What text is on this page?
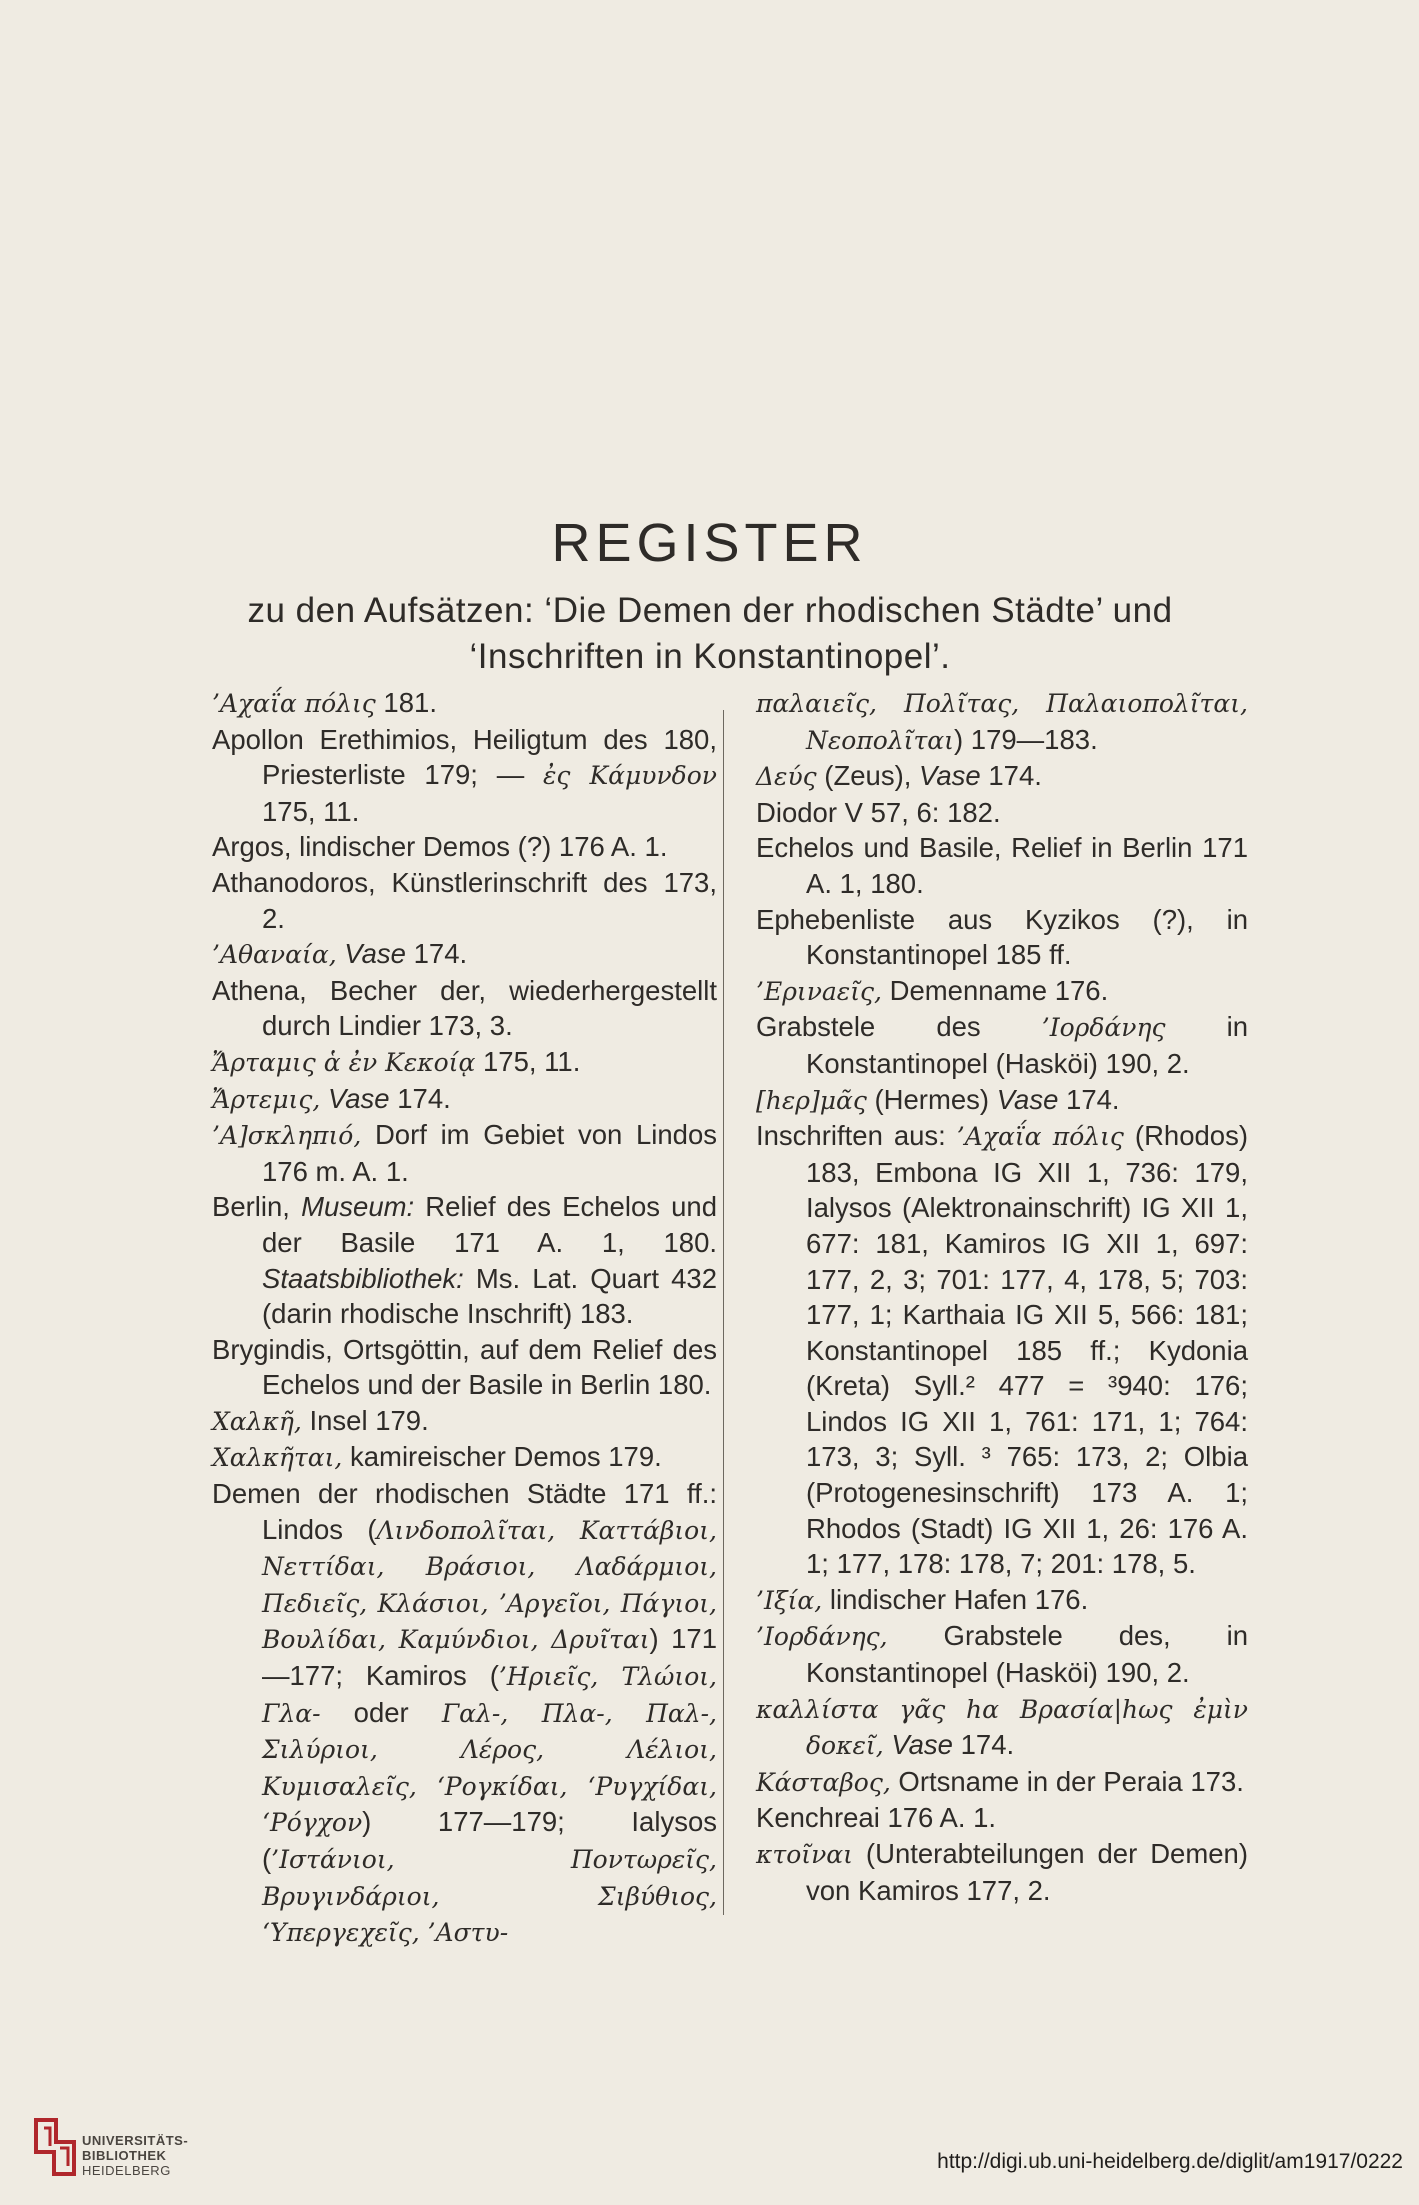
REGISTER
zu den Aufsätzen: ‘Die Demen der rhodischen Städte’ und ‘Inschriften in Konstantinopel’.
’Αχαΐα πόλις 181.
Apollon Erethimios, Heiligtum des 180, Priesterliste 179; — ἐς Κάμυνδον 175, 11.
Argos, lindischer Demos (?) 176 A. 1.
Athanodoros, Künstlerinschrift des 173, 2.
’Αθαναία, Vase 174.
Athena, Becher der, wiederhergestellt durch Lindier 173, 3.
Ἄρταμις ἁ ἐν Κεκοίᾳ 175, 11.
Ἄρτεμις, Vase 174.
’Α]σκληπιό, Dorf im Gebiet von Lindos 176 m. A. 1.
Berlin, Museum: Relief des Echelos und der Basile 171 A. 1, 180. Staatsbibliothek: Ms. Lat. Quart 432 (darin rhodische Inschrift) 183.
Brygindis, Ortsgöttin, auf dem Relief des Echelos und der Basile in Berlin 180.
Χαλκῆ, Insel 179.
Χαλκῆται, kamireischer Demos 179.
Demen der rhodischen Städte 171 ff.: Lindos (Λινδοπολῖται, Καττάβιοι, Νεττίδαι, Βράσιοι, Λαδάρμιοι, Πεδιεῖς, Κλάσιοι, ’Αργεῖοι, Πάγιοι, Βουλίδαι, Καμύνδιοι, Δρυῖται) 171—177; Kamiros (’Ηριεῖς, Τλώιοι, Γλα- oder Γαλ-, Πλα-, Παλ-, Σιλύριοι, Λέρος, Λέλιοι, Κυμισαλεῖς, ‘Ρογκίδαι, ‘Ρυγχίδαι, ‘Ρόγχον) 177—179; Ialysos (’Ιστάνιοι, Ποντωρεῖς, Βρυγινδάριοι, Σιβύθιος, ‘Υπεργεχεῖς, ’Αστυ-
παλαιεῖς, Πολῖτας, Παλαιοπολῖται, Νεοπολῖται) 179—183.
Δεύς (Zeus), Vase 174.
Diodor V 57, 6: 182.
Echelos und Basile, Relief in Berlin 171 A. 1, 180.
Ephebenliste aus Kyzikos (?), in Konstantinopel 185 ff.
’Ερινaεῖς, Demenname 176.
Grabstele des ’Ιορδάνης in Konstantinopel (Hasköi) 190, 2.
[ℎερ]μᾶς (Hermes) Vase 174.
Inschriften aus: ’Αχαΐα πόλις (Rhodos) 183, Embona IG XII 1, 736: 179, Ialysos (Alektronainschrift) IG XII 1, 677: 181, Kamiros IG XII 1, 697: 177, 2, 3; 701: 177, 4, 178, 5; 703: 177, 1; Karthaia IG XII 5, 566: 181; Konstantinopel 185 ff.; Kydonia (Kreta) Syll.² 477 = ³940: 176; Lindos IG XII 1, 761: 171, 1; 764: 173, 3; Syll. ³ 765: 173, 2; Olbia (Protogenesinschrift) 173 A. 1; Rhodos (Stadt) IG XII 1, 26: 176 A. 1; 177, 178: 178, 7; 201: 178, 5.
’Ιξία, lindischer Hafen 176.
’Ιορδάνης, Grabstele des, in Konstantinopel (Hasköi) 190, 2.
καλλίστα γᾶς ℎα Βρασία|ℎως ἐμὶν δοκεῖ, Vase 174.
Κάσταβος, Ortsname in der Peraia 173.
Kenchreai 176 A. 1.
κτοῖναι (Unterabteilungen der Demen) von Kamiros 177, 2.
UNIVERSITÄTS-
BIBLIOTHEK
HEIDELBERG	http://digi.ub.uni-heidelberg.de/diglit/am1917/0222
